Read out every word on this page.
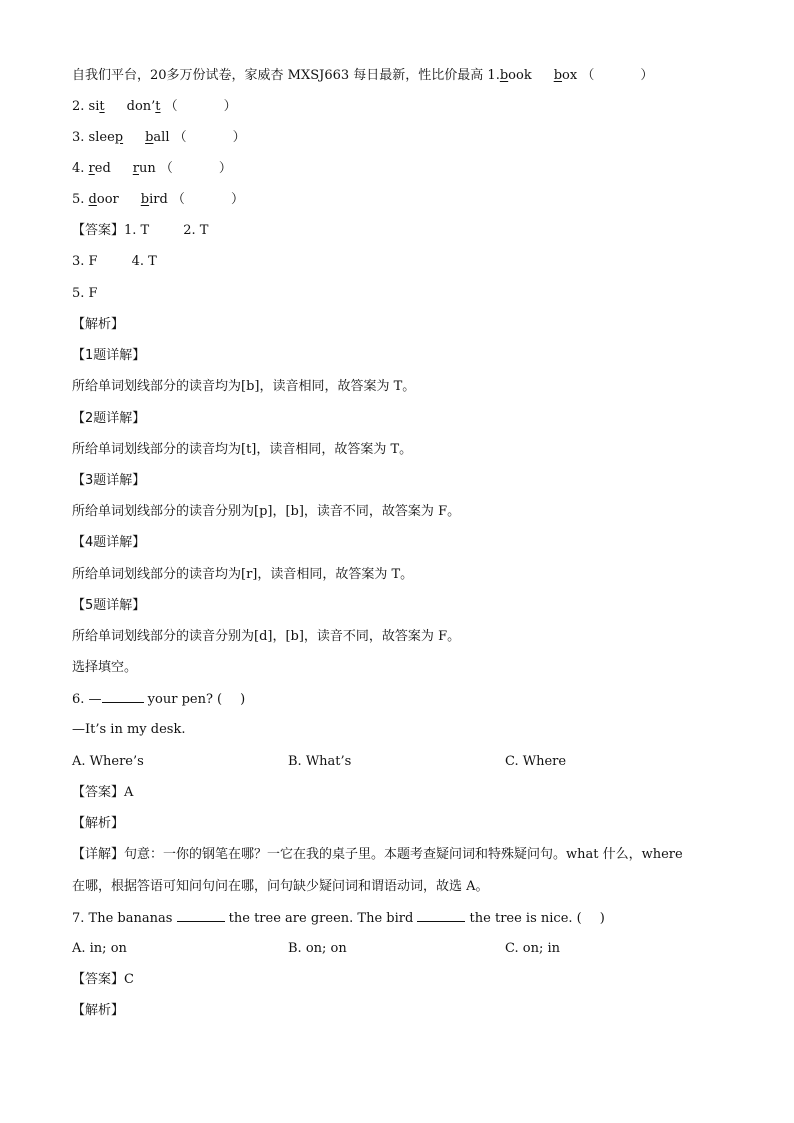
自我们平台，20多万份试卷，家威杏 MXSJ663 每日最新，性比价最高 1.book box （	）
2. sit don’t （	）
3. sleep ball （	）
4. red run （	）
5. door bird （	）
【答案】1. T	2. T
3. F	4. T
5. F
【解析】
【1题详解】
所给单词划线部分的读音均为[b]，读音相同，故答案为 T。
【2题详解】
所给单词划线部分的读音均为[t]，读音相同，故答案为 T。
【3题详解】
所给单词划线部分的读音分别为[p]，[b]，读音不同，故答案为 F。
【4题详解】
所给单词划线部分的读音均为[r]，读音相同，故答案为 T。
【5题详解】
所给单词划线部分的读音分别为[d]，[b]，读音不同，故答案为 F。
选择填空。
6. —	your pen? ( )
—It’s in my desk.
A. Where’s	B. What’s	C. Where
【答案】A
【解析】
【详解】句意：一你的钢笔在哪？一它在我的桌子里。本题考查疑问词和特殊疑问句。what 什么，where
在哪，根据答语可知问句问在哪，问句缺少疑问词和谓语动词，故选 A。
7. The bananas	the tree are green. The bird	the tree is nice. ( )
A. in; on	B. on; on	C. on; in
【答案】C
【解析】
